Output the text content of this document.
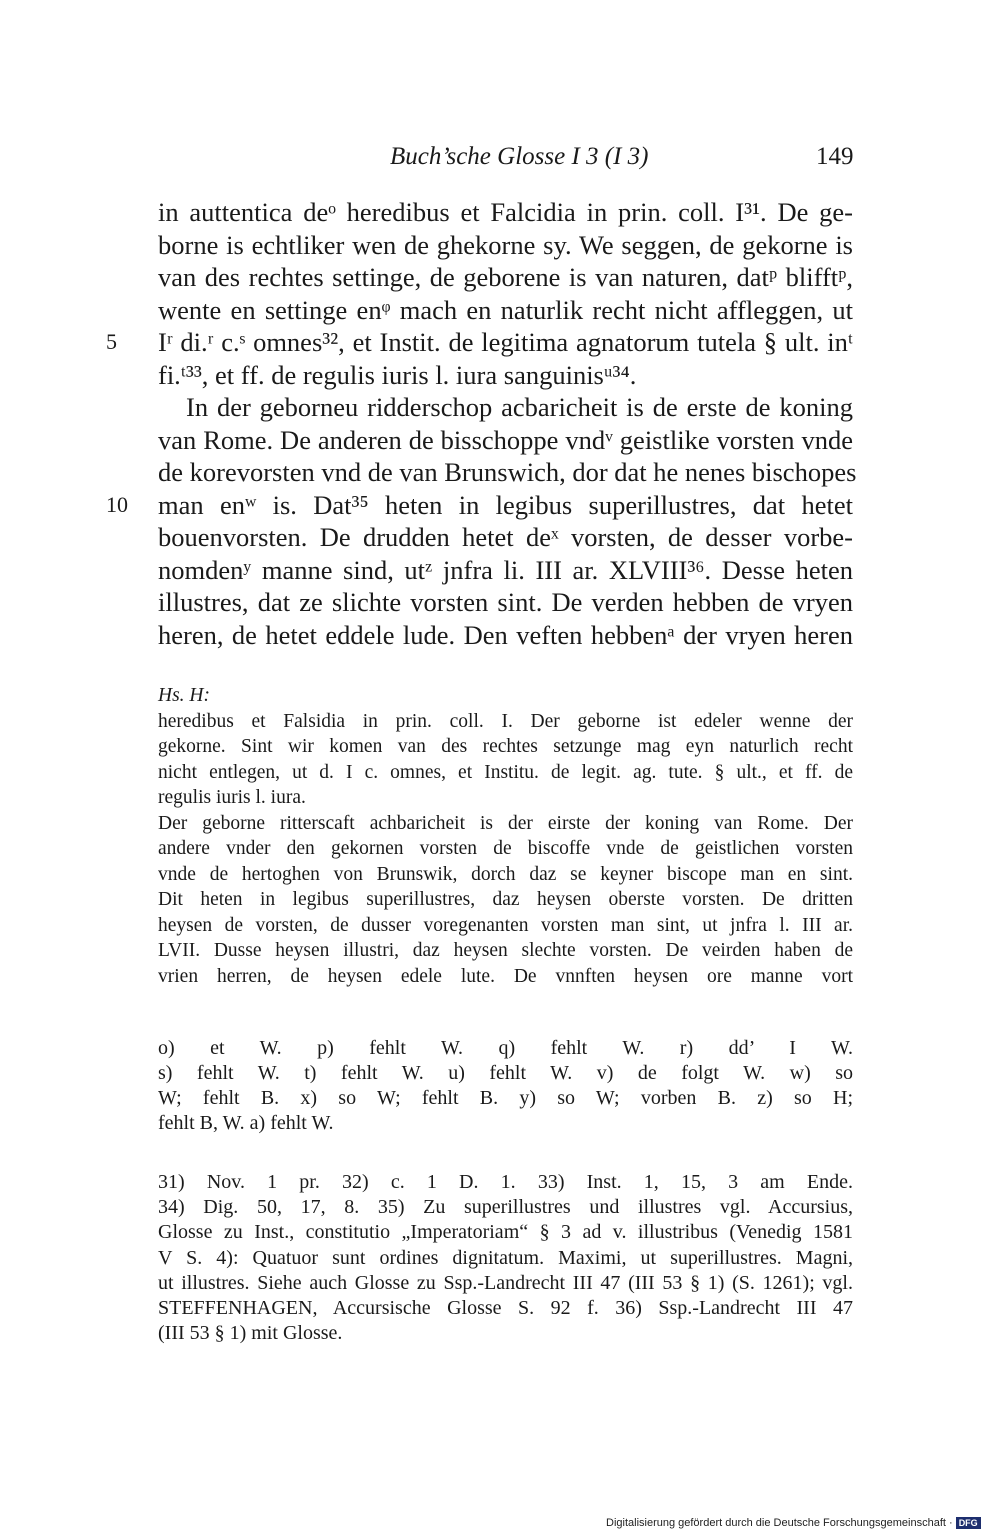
Buch’sche Glosse I 3 (I 3)	149
in auttentica deᵒ heredibus et Falcidia in prin. coll. I³¹. De ge-
borne is echtliker wen de ghekorne sy. We seggen, de gekorne is
van des rechtes settinge, de geborene is van naturen, datᵖ blifftᵖ,
wente en settinge enᵠ mach en naturlik recht nicht affleggen, ut
Iʳ di.ʳ c.ˢ omnes³², et Instit. de legitima agnatorum tutela § ult. inᵗ
fi.ᵗ³³, et ff. de regulis iuris l. iura sanguinisᵘ³⁴.
In der geborneu ridderschop acbaricheit is de erste de koning
van Rome. De anderen de bisschoppe vndᵛ geistlike vorsten vnde
de korevorsten vnd de van Brunswich, dor dat he nenes bischopes
man enʷ is. Dat³⁵ heten in legibus superillustres, dat hetet
bouenvorsten. De drudden hetet deˣ vorsten, de desser vorbe-
nomdenʸ manne sind, utᶻ jnfra li. III ar. XLVIII³⁶. Desse heten
illustres, dat ze slichte vorsten sint. De verden hebben de vryen
heren, de hetet eddele lude. Den veften hebbenᵃ der vryen heren
5
10
Hs. H:
heredibus et Falsidia in prin. coll. I. Der geborne ist edeler wenne der
gekorne. Sint wir komen van des rechtes setzunge mag eyn naturlich recht
nicht entlegen, ut d. I c. omnes, et Institu. de legit. ag. tute. § ult., et ff. de
regulis iuris l. iura.
Der geborne ritterscaft achbaricheit is der eirste der koning van Rome. Der
andere vnder den gekornen vorsten de biscoffe vnde de geistlichen vorsten
vnde de hertoghen von Brunswik, dorch daz se keyner biscope man en sint.
Dit heten in legibus superillustres, daz heysen oberste vorsten. De dritten
heysen de vorsten, de dusser voregenanten vorsten man sint, ut jnfra l. III ar.
LVII. Dusse heysen illustri, daz heysen slechte vorsten. De veirden haben de
vrien herren, de heysen edele lute. De vnnften heysen ore manne vort
o) et W. p) fehlt W. q) fehlt W. r) dd’ I W.
s) fehlt W. t) fehlt W. u) fehlt W. v) de folgt W. w) so
W; fehlt B. x) so W; fehlt B. y) so W; vorben B. z) so H;
fehlt B, W. a) fehlt W.
31) Nov. 1 pr. 32) c. 1 D. 1. 33) Inst. 1, 15, 3 am Ende.
34) Dig. 50, 17, 8. 35) Zu superillustres und illustres vgl. Accursius,
Glosse zu Inst., constitutio „Imperatoriam“ § 3 ad v. illustribus (Venedig 1581
V S. 4): Quatuor sunt ordines dignitatum. Maximi, ut superillustres. Magni,
ut illustres. Siehe auch Glosse zu Ssp.-Landrecht III 47 (III 53 § 1) (S. 1261); vgl.
STEFFENHAGEN, Accursische Glosse S. 92 f. 36) Ssp.-Landrecht III 47
(III 53 § 1) mit Glosse.
Digitalisierung gefördert durch die Deutsche Forschungsgemeinschaft · DFG
